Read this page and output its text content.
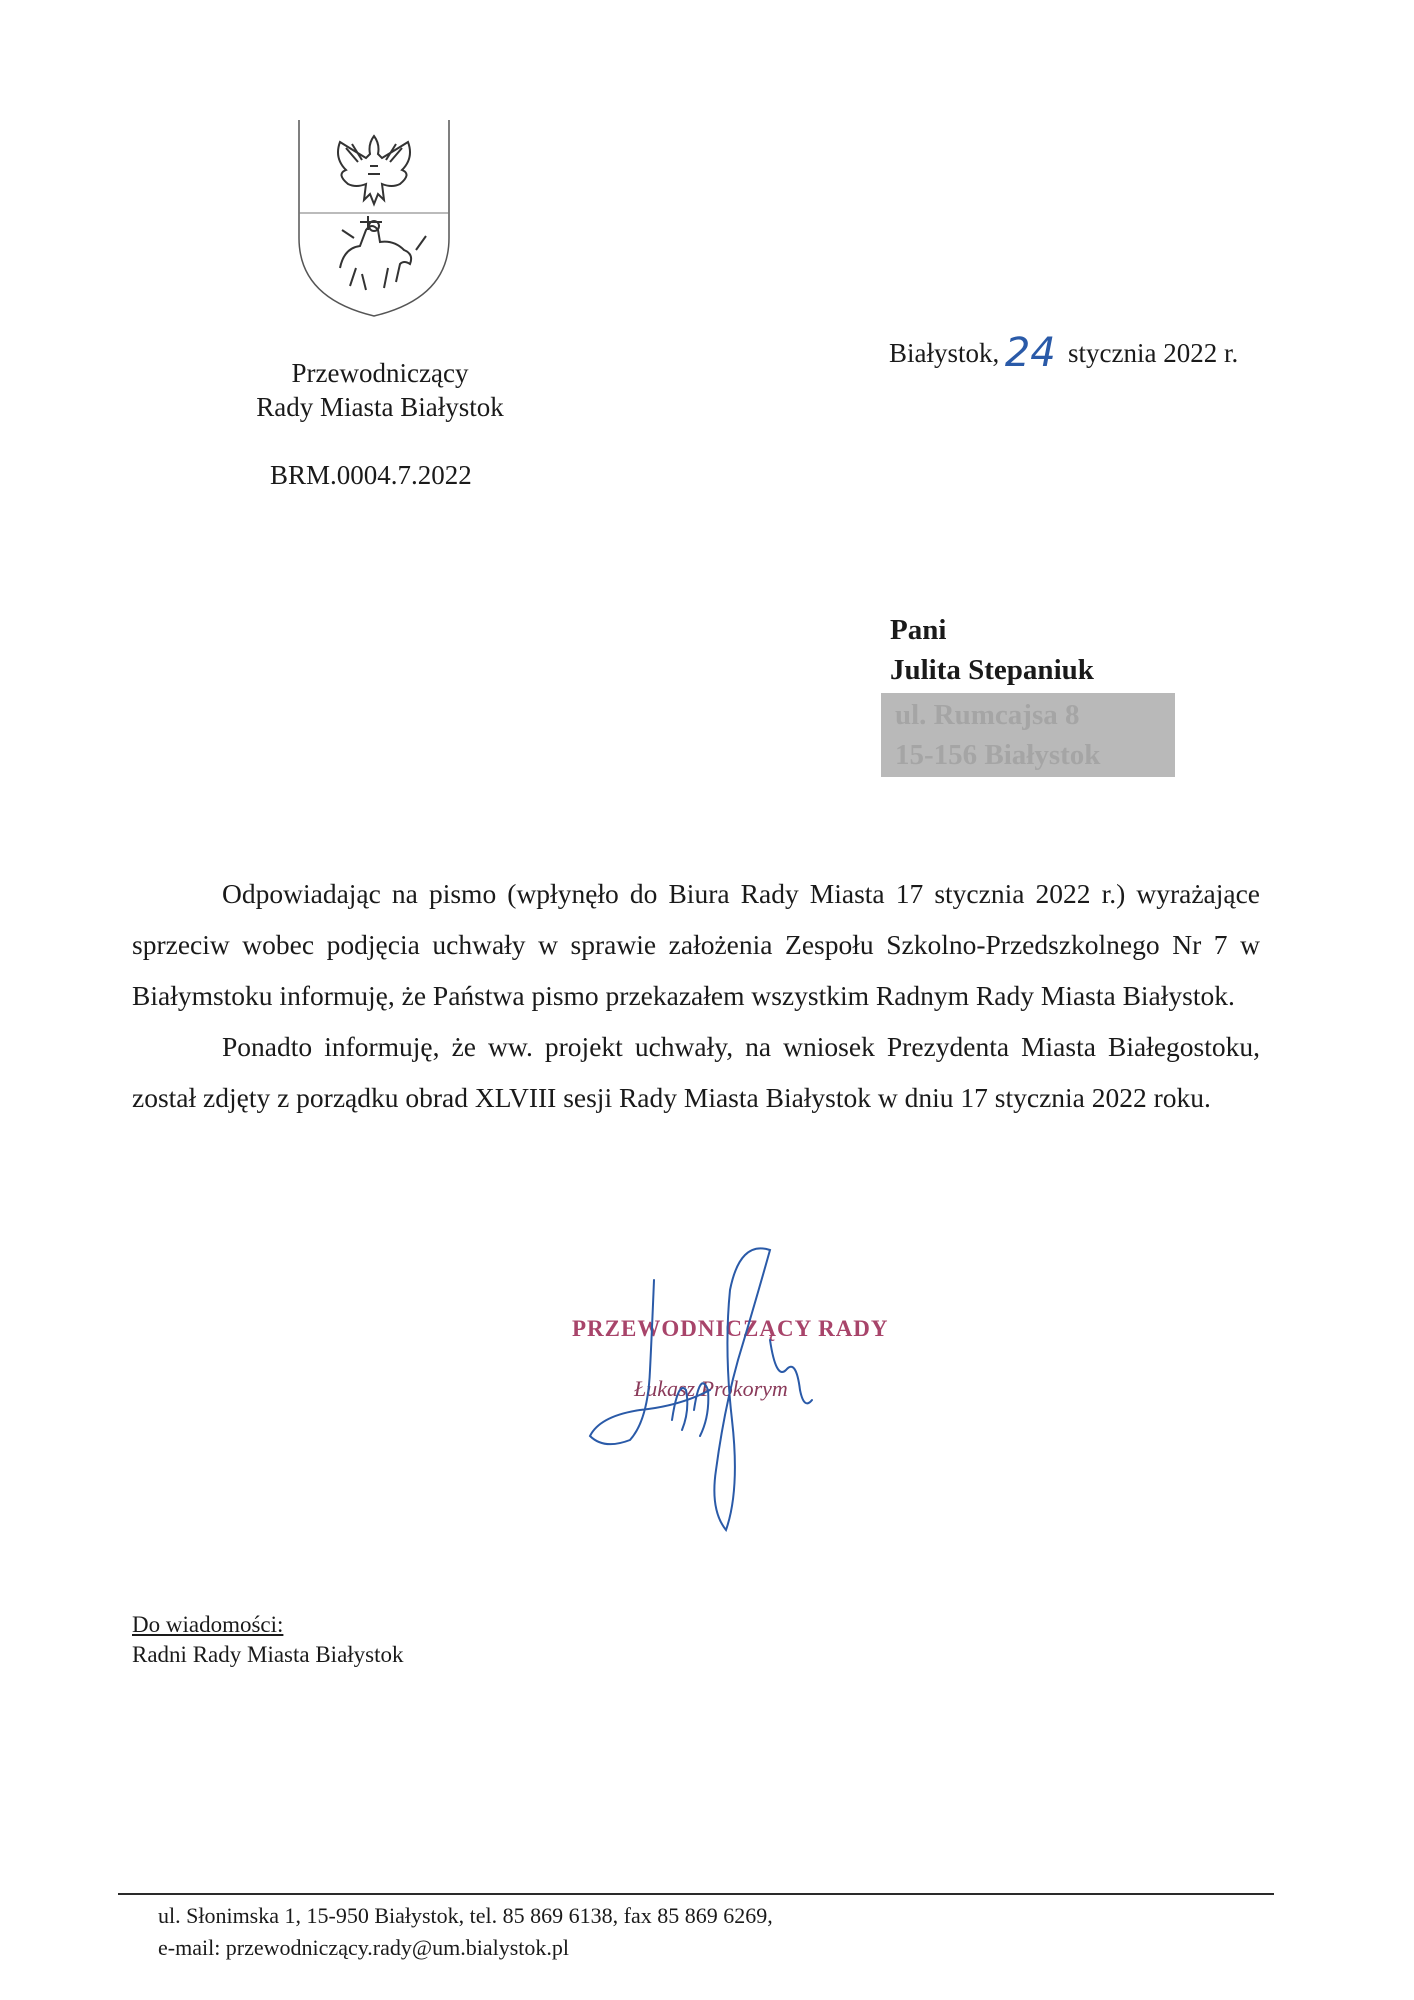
Przewodniczący
Rady Miasta Białystok
BRM.0004.7.2022
Białystok, 24 stycznia 2022 r.
Pani
Julita Stepaniuk
ul. Rumcajsa 8
15-156 Białystok

Odpowiadając na pismo (wpłynęło do Biura Rady Miasta 17 stycznia 2022 r.) wyrażające sprzeciw wobec podjęcia uchwały w sprawie założenia Zespołu Szkolno-Przedszkolnego Nr 7 w Białymstoku informuję, że Państwa pismo przekazałem wszystkim Radnym Rady Miasta Białystok.

Ponadto informuję, że ww. projekt uchwały, na wniosek Prezydenta Miasta Białegostoku, został zdjęty z porządku obrad XLVIII sesji Rady Miasta Białystok w dniu 17 stycznia 2022 roku.

PRZEWODNICZĄCY RADY
Łukasz Prokorym
Do wiadomości:
Radni Rady Miasta Białystok
ul. Słonimska 1, 15-950 Białystok, tel. 85 869 6138, fax 85 869 6269,
e-mail: przewodniczący.rady@um.bialystok.pl
